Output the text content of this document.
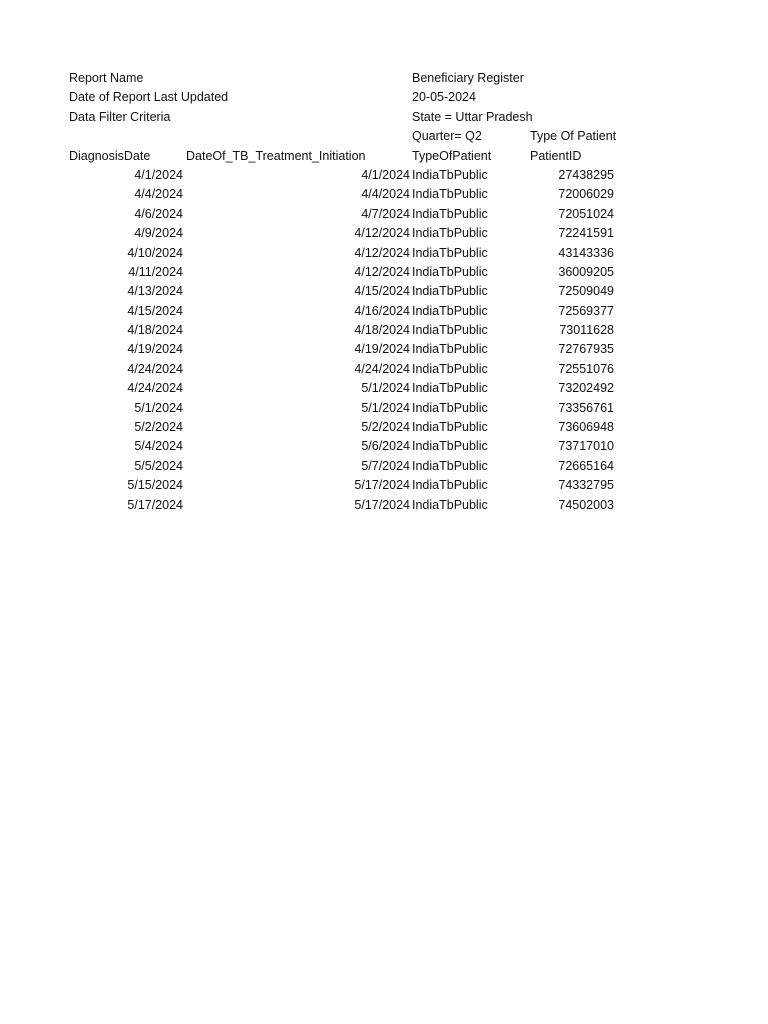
Report Name	Beneficiary Register
Date of Report Last Updated	20-05-2024
Data Filter Criteria	State = Uttar Pradesh
Quarter= Q2	Type Of Patient
DiagnosisDate	DateOf_TB_Treatment_Initiation	TypeOfPatient	PatientID
4/1/2024	4/1/2024 IndiaTbPublic	27438295
4/4/2024	4/4/2024 IndiaTbPublic	72006029
4/6/2024	4/7/2024 IndiaTbPublic	72051024
4/9/2024	4/12/2024 IndiaTbPublic	72241591
4/10/2024	4/12/2024 IndiaTbPublic	43143336
4/11/2024	4/12/2024 IndiaTbPublic	36009205
4/13/2024	4/15/2024 IndiaTbPublic	72509049
4/15/2024	4/16/2024 IndiaTbPublic	72569377
4/18/2024	4/18/2024 IndiaTbPublic	73011628
4/19/2024	4/19/2024 IndiaTbPublic	72767935
4/24/2024	4/24/2024 IndiaTbPublic	72551076
4/24/2024	5/1/2024 IndiaTbPublic	73202492
5/1/2024	5/1/2024 IndiaTbPublic	73356761
5/2/2024	5/2/2024 IndiaTbPublic	73606948
5/4/2024	5/6/2024 IndiaTbPublic	73717010
5/5/2024	5/7/2024 IndiaTbPublic	72665164
5/15/2024	5/17/2024 IndiaTbPublic	74332795
5/17/2024	5/17/2024 IndiaTbPublic	74502003
